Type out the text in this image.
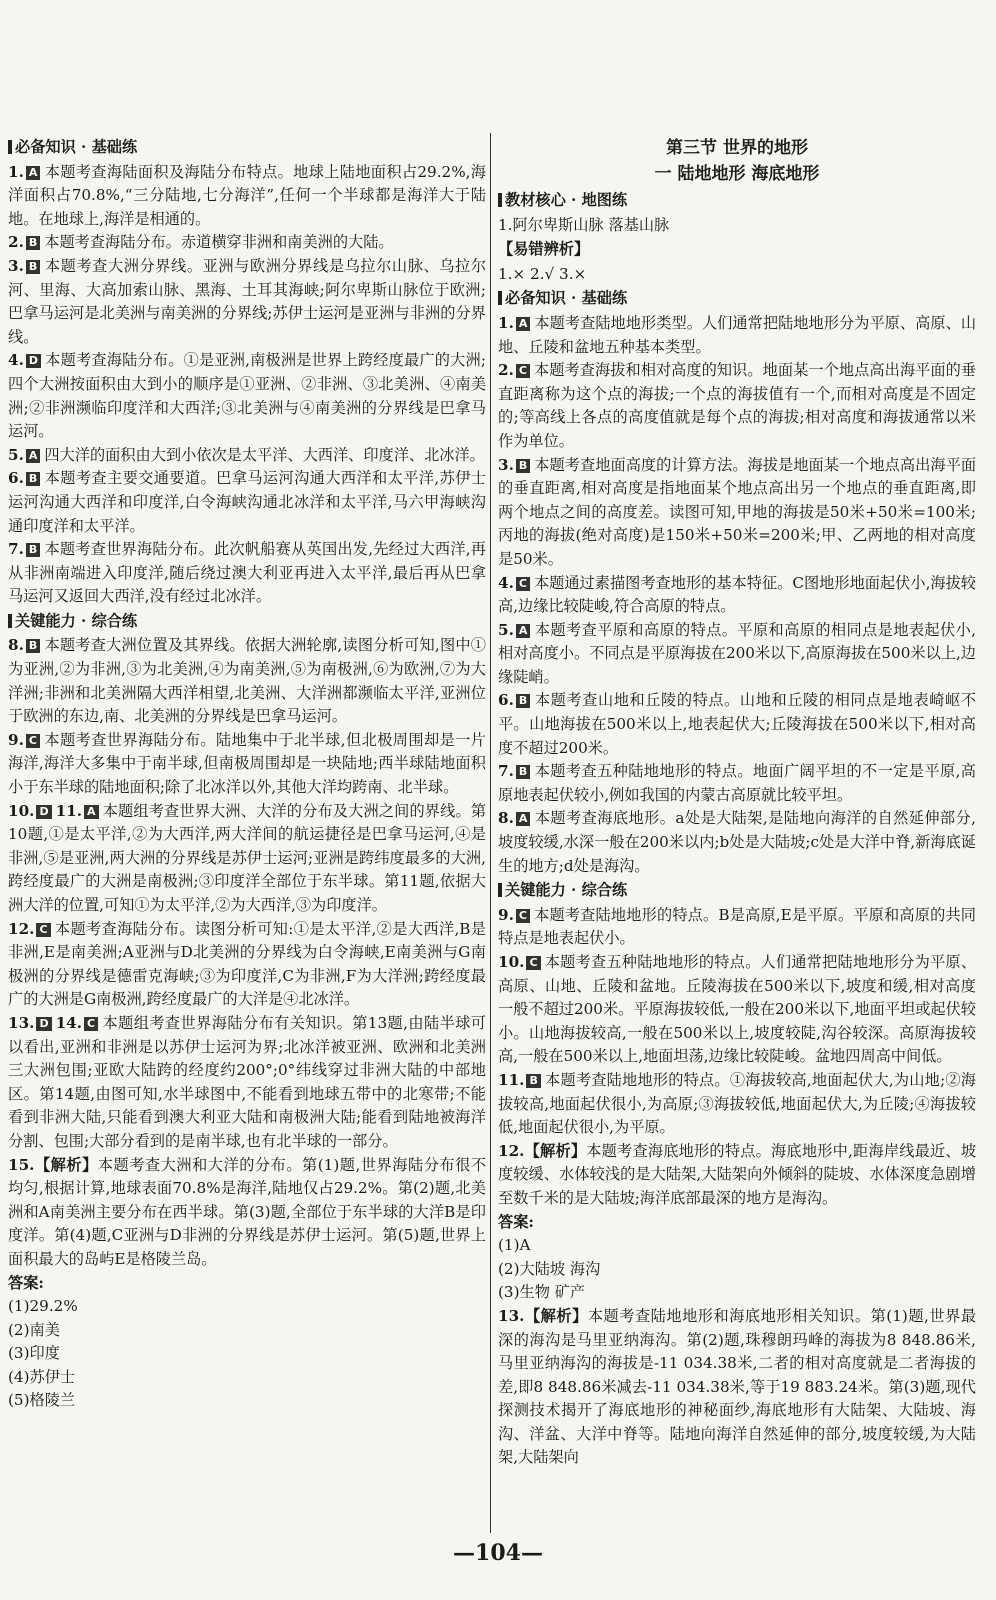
必备知识 · 基础练
1. A 本题考查海陆面积及海陆分布特点。地球上陆地面积占29.2%,海洋面积占70.8%,“三分陆地,七分海洋”,任何一个半球都是海洋大于陆地。在地球上,海洋是相通的。
2. B 本题考查海陆分布。赤道横穿非洲和南美洲的大陆。
3. B 本题考查大洲分界线。亚洲与欧洲分界线是乌拉尔山脉、乌拉尔河、里海、大高加索山脉、黑海、土耳其海峡;阿尔卑斯山脉位于欧洲;巴拿马运河是北美洲与南美洲的分界线;苏伊士运河是亚洲与非洲的分界线。
4. D 本题考查海陆分布。①是亚洲,南极洲是世界上跨经度最广的大洲;四个大洲按面积由大到小的顺序是①亚洲、②非洲、③北美洲、④南美洲;②非洲濒临印度洋和大西洋;③北美洲与④南美洲的分界线是巴拿马运河。
5. A 四大洋的面积由大到小依次是太平洋、大西洋、印度洋、北冰洋。
6. B 本题考查主要交通要道。巴拿马运河沟通大西洋和太平洋,苏伊士运河沟通大西洋和印度洋,白令海峡沟通北冰洋和太平洋,马六甲海峡沟通印度洋和太平洋。
7. B 本题考查世界海陆分布。此次帆船赛从英国出发,先经过大西洋,再从非洲南端进入印度洋,随后绕过澳大利亚再进入太平洋,最后再从巴拿马运河又返回大西洋,没有经过北冰洋。
关键能力 · 综合练
8. B 本题考查大洲位置及其界线。依据大洲轮廓,读图分析可知,图中①为亚洲,②为非洲,③为北美洲,④为南美洲,⑤为南极洲,⑥为欧洲,⑦为大洋洲;非洲和北美洲隔大西洋相望,北美洲、大洋洲都濒临太平洋,亚洲位于欧洲的东边,南、北美洲的分界线是巴拿马运河。
9. C 本题考查世界海陆分布。陆地集中于北半球,但北极周围却是一片海洋,海洋大多集中于南半球,但南极周围却是一块陆地;西半球陆地面积小于东半球的陆地面积;除了北冰洋以外,其他大洋均跨南、北半球。
10. D 11. A 本题组考查世界大洲、大洋的分布及大洲之间的界线。第10题,①是太平洋,②为大西洋,两大洋间的航运捷径是巴拿马运河,④是非洲,⑤是亚洲,两大洲的分界线是苏伊士运河;亚洲是跨纬度最多的大洲,跨经度最广的大洲是南极洲;③印度洋全部位于东半球。第11题,依据大洲大洋的位置,可知①为太平洋,②为大西洋,③为印度洋。
12. C 本题考查海陆分布。读图分析可知:①是太平洋,②是大西洋,B是非洲,E是南美洲;A亚洲与D北美洲的分界线为白令海峡,E南美洲与G南极洲的分界线是德雷克海峡;③为印度洋,C为非洲,F为大洋洲;跨经度最广的大洲是G南极洲,跨经度最广的大洋是④北冰洋。
13. D 14. C 本题组考查世界海陆分布有关知识。第13题,由陆半球可以看出,亚洲和非洲是以苏伊士运河为界;北冰洋被亚洲、欧洲和北美洲三大洲包围;亚欧大陆跨的经度约200°;0°纬线穿过非洲大陆的中部地区。第14题,由图可知,水半球图中,不能看到地球五带中的北寒带;不能看到非洲大陆,只能看到澳大利亚大陆和南极洲大陆;能看到陆地被海洋分割、包围;大部分看到的是南半球,也有北半球的一部分。
15.【解析】本题考查大洲和大洋的分布。第(1)题,世界海陆分布很不均匀,根据计算,地球表面70.8%是海洋,陆地仅占29.2%。第(2)题,北美洲和A南美洲主要分布在西半球。第(3)题,全部位于东半球的大洋B是印度洋。第(4)题,C亚洲与D非洲的分界线是苏伊士运河。第(5)题,世界上面积最大的岛屿E是格陵兰岛。
答案:
(1)29.2%
(2)南美
(3)印度
(4)苏伊士
(5)格陵兰
第三节 世界的地形
一 陆地地形 海底地形
教材核心 · 地图练
1.阿尔卑斯山脉 落基山脉
【易错辨析】
1.× 2.√ 3.×
必备知识 · 基础练
1. A 本题考查陆地地形类型。人们通常把陆地地形分为平原、高原、山地、丘陵和盆地五种基本类型。
2. C 本题考查海拔和相对高度的知识。地面某一个地点高出海平面的垂直距离称为这个点的海拔;一个点的海拔值有一个,而相对高度是不固定的;等高线上各点的高度值就是每个点的海拔;相对高度和海拔通常以米作为单位。
3. B 本题考查地面高度的计算方法。海拔是地面某一个地点高出海平面的垂直距离,相对高度是指地面某个地点高出另一个地点的垂直距离,即两个地点之间的高度差。读图可知,甲地的海拔是50米+50米=100米;丙地的海拔(绝对高度)是150米+50米=200米;甲、乙两地的相对高度是50米。
4. C 本题通过素描图考查地形的基本特征。C图地形地面起伏小,海拔较高,边缘比较陡峻,符合高原的特点。
5. A 本题考查平原和高原的特点。平原和高原的相同点是地表起伏小,相对高度小。不同点是平原海拔在200米以下,高原海拔在500米以上,边缘陡峭。
6. B 本题考查山地和丘陵的特点。山地和丘陵的相同点是地表崎岖不平。山地海拔在500米以上,地表起伏大;丘陵海拔在500米以下,相对高度不超过200米。
7. B 本题考查五种陆地地形的特点。地面广阔平坦的不一定是平原,高原地表起伏较小,例如我国的内蒙古高原就比较平坦。
8. A 本题考查海底地形。a处是大陆架,是陆地向海洋的自然延伸部分,坡度较缓,水深一般在200米以内;b处是大陆坡;c处是大洋中脊,新海底诞生的地方;d处是海沟。
关键能力 · 综合练
9. C 本题考查陆地地形的特点。B是高原,E是平原。平原和高原的共同特点是地表起伏小。
10. C 本题考查五种陆地地形的特点。人们通常把陆地地形分为平原、高原、山地、丘陵和盆地。丘陵海拔在500米以下,坡度和缓,相对高度一般不超过200米。平原海拔较低,一般在200米以下,地面平坦或起伏较小。山地海拔较高,一般在500米以上,坡度较陡,沟谷较深。高原海拔较高,一般在500米以上,地面坦荡,边缘比较陡峻。盆地四周高中间低。
11. B 本题考查陆地地形的特点。①海拔较高,地面起伏大,为山地;②海拔较高,地面起伏很小,为高原;③海拔较低,地面起伏大,为丘陵;④海拔较低,地面起伏很小,为平原。
12.【解析】本题考查海底地形的特点。海底地形中,距海岸线最近、坡度较缓、水体较浅的是大陆架,大陆架向外倾斜的陡坡、水体深度急剧增至数千米的是大陆坡;海洋底部最深的地方是海沟。
答案:
(1)A
(2)大陆坡 海沟
(3)生物 矿产
13.【解析】本题考查陆地地形和海底地形相关知识。第(1)题,世界最深的海沟是马里亚纳海沟。第(2)题,珠穆朗玛峰的海拔为8 848.86米,马里亚纳海沟的海拔是-11 034.38米,二者的相对高度就是二者海拔的差,即8 848.86米减去-11 034.38米,等于19 883.24米。第(3)题,现代探测技术揭开了海底地形的神秘面纱,海底地形有大陆架、大陆坡、海沟、洋盆、大洋中脊等。陆地向海洋自然延伸的部分,坡度较缓,为大陆架,大陆架向
—104—
